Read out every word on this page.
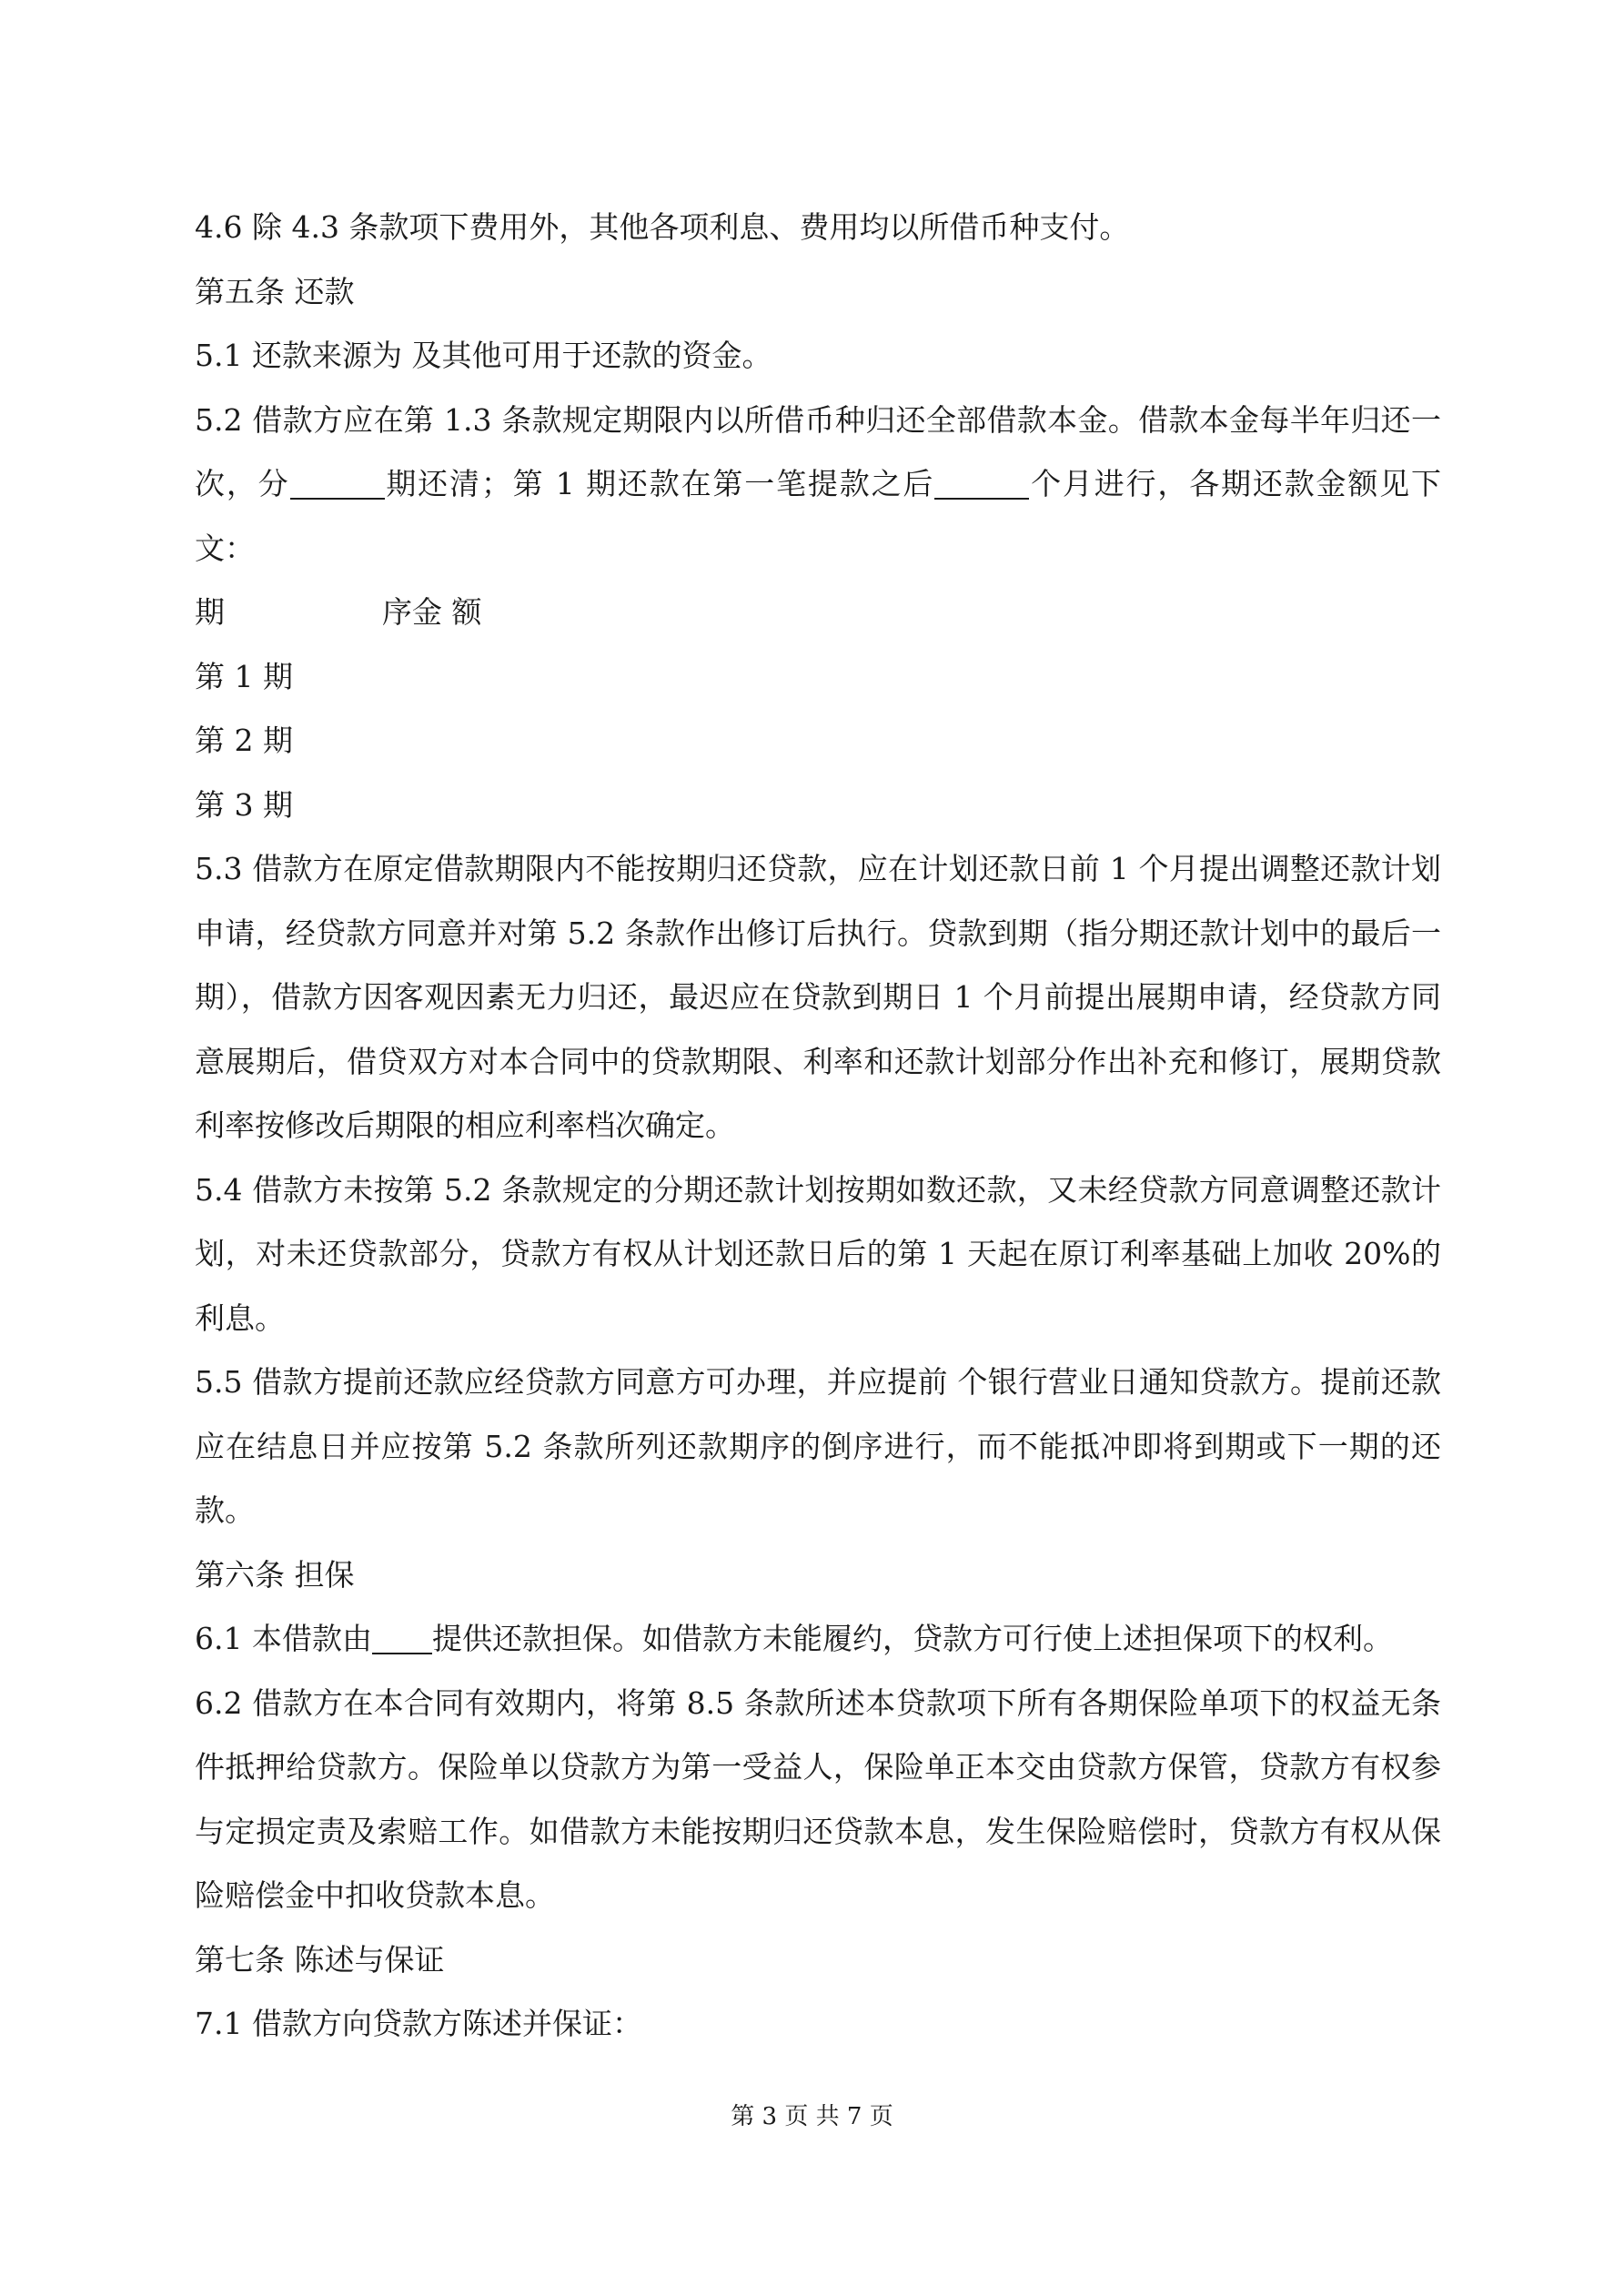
4.6 除 4.3 条款项下费用外，其他各项利息、费用均以所借币种支付。

第五条 还款

5.1 还款来源为 及其他可用于还款的资金。

5.2 借款方应在第 1.3 条款规定期限内以所借币种归还全部借款本金。借款本金每半年归还一次，分	期还清；第 1 期还款在第一笔提款之后	个月进行，各期还款金额见下文：

期	序金 额

第 1 期

第 2 期

第 3 期

5.3 借款方在原定借款期限内不能按期归还贷款，应在计划还款日前 1 个月提出调整还款计划申请，经贷款方同意并对第 5.2 条款作出修订后执行。贷款到期（指分期还款计划中的最后一期），借款方因客观因素无力归还，最迟应在贷款到期日 1 个月前提出展期申请，经贷款方同意展期后，借贷双方对本合同中的贷款期限、利率和还款计划部分作出补充和修订，展期贷款利率按修改后期限的相应利率档次确定。

5.4 借款方未按第 5.2 条款规定的分期还款计划按期如数还款，又未经贷款方同意调整还款计划，对未还贷款部分，贷款方有权从计划还款日后的第 1 天起在原订利率基础上加收 20%的利息。

5.5 借款方提前还款应经贷款方同意方可办理，并应提前 个银行营业日通知贷款方。提前还款应在结息日并应按第 5.2 条款所列还款期序的倒序进行，而不能抵冲即将到期或下一期的还款。

第六条 担保

6.1 本借款由 提供还款担保。如借款方未能履约，贷款方可行使上述担保项下的权利。

6.2 借款方在本合同有效期内，将第 8.5 条款所述本贷款项下所有各期保险单项下的权益无条件抵押给贷款方。保险单以贷款方为第一受益人，保险单正本交由贷款方保管，贷款方有权参与定损定责及索赔工作。如借款方未能按期归还贷款本息，发生保险赔偿时，贷款方有权从保险赔偿金中扣收贷款本息。

第七条 陈述与保证

7.1 借款方向贷款方陈述并保证：

第 3 页 共 7 页
